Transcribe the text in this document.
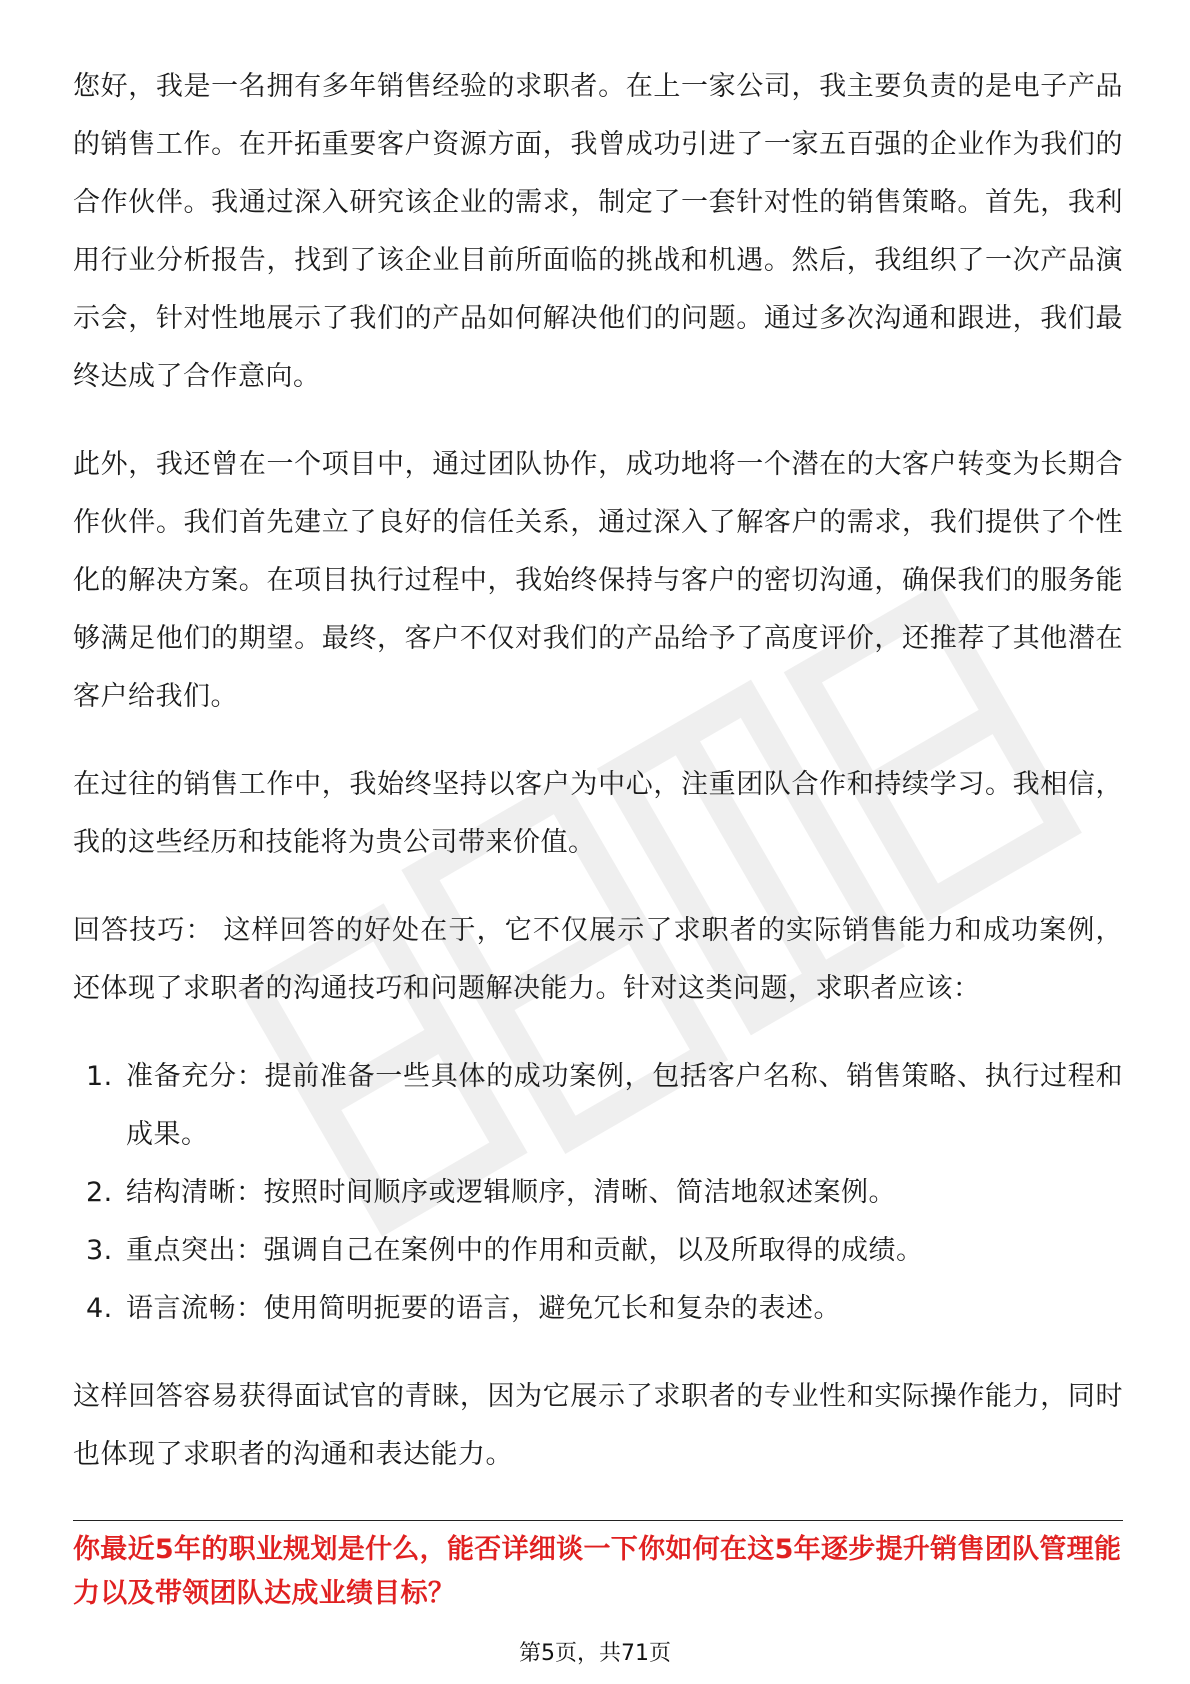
您好，我是一名拥有多年销售经验的求职者。在上一家公司，我主要负责的是电子产品的销售工作。在开拓重要客户资源方面，我曾成功引进了一家五百强的企业作为我们的合作伙伴。我通过深入研究该企业的需求，制定了一套针对性的销售策略。首先，我利用行业分析报告，找到了该企业目前所面临的挑战和机遇。然后，我组织了一次产品演示会，针对性地展示了我们的产品如何解决他们的问题。通过多次沟通和跟进，我们最终达成了合作意向。

此外，我还曾在一个项目中，通过团队协作，成功地将一个潜在的大客户转变为长期合作伙伴。我们首先建立了良好的信任关系，通过深入了解客户的需求，我们提供了个性化的解决方案。在项目执行过程中，我始终保持与客户的密切沟通，确保我们的服务能够满足他们的期望。最终，客户不仅对我们的产品给予了高度评价，还推荐了其他潜在客户给我们。

在过往的销售工作中，我始终坚持以客户为中心，注重团队合作和持续学习。我相信，我的这些经历和技能将为贵公司带来价值。

回答技巧： 这样回答的好处在于，它不仅展示了求职者的实际销售能力和成功案例，还体现了求职者的沟通技巧和问题解决能力。针对这类问题，求职者应该：

1. 准备充分：提前准备一些具体的成功案例，包括客户名称、销售策略、执行过程和成果。
2. 结构清晰：按照时间顺序或逻辑顺序，清晰、简洁地叙述案例。
3. 重点突出：强调自己在案例中的作用和贡献，以及所取得的成绩。
4. 语言流畅：使用简明扼要的语言，避免冗长和复杂的表述。

这样回答容易获得面试官的青睐，因为它展示了求职者的专业性和实际操作能力，同时也体现了求职者的沟通和表达能力。

你最近5年的职业规划是什么，能否详细谈一下你如何在这5年逐步提升销售团队管理能力以及带领团队达成业绩目标？
第5页，共71页
